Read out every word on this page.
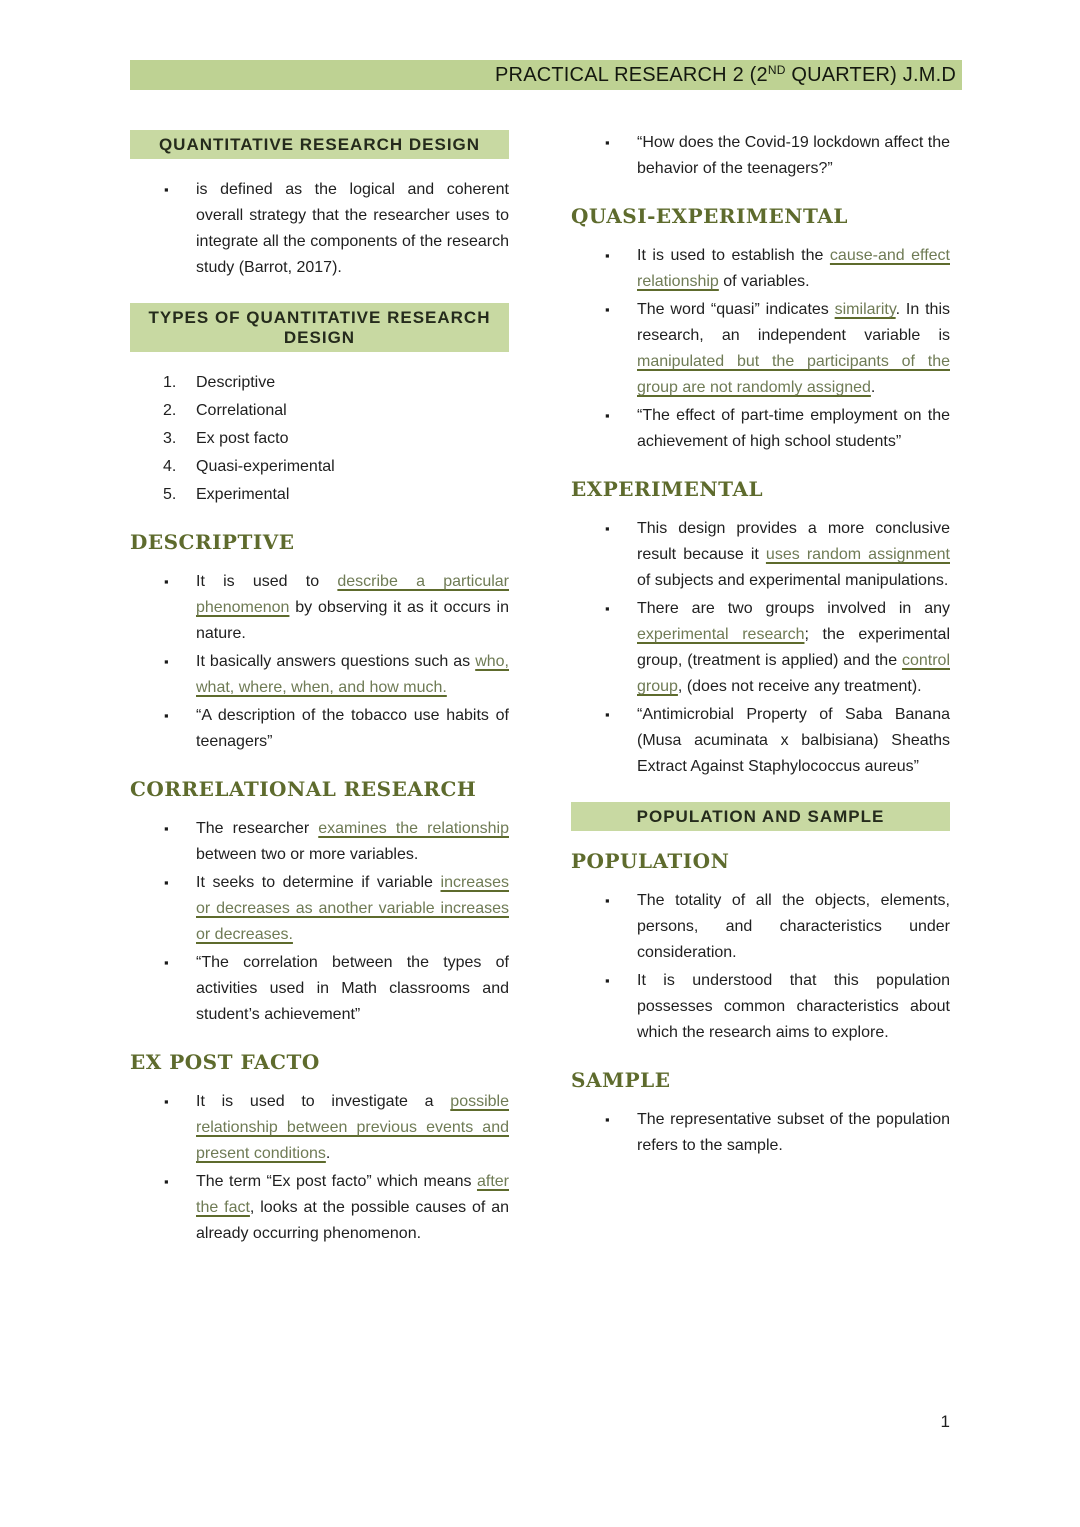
PRACTICAL RESEARCH 2 (2ND QUARTER) J.M.D
QUANTITATIVE RESEARCH DESIGN
▪ is defined as the logical and coherent overall strategy that the researcher uses to integrate all the components of the research study (Barrot, 2017).
TYPES OF QUANTITATIVE RESEARCH DESIGN
Descriptive
Correlational
Ex post facto
Quasi-experimental
Experimental
DESCRIPTIVE
▪ It is used to describe a particular phenomenon by observing it as it occurs in nature.
▪ It basically answers questions such as who, what, where, when, and how much.
▪ “A description of the tobacco use habits of teenagers”
CORRELATIONAL RESEARCH
▪ The researcher examines the relationship between two or more variables.
▪ It seeks to determine if variable increases or decreases as another variable increases or decreases.
▪ “The correlation between the types of activities used in Math classrooms and student’s achievement”
EX POST FACTO
▪ It is used to investigate a possible relationship between previous events and present conditions.
▪ The term “Ex post facto” which means after the fact, looks at the possible causes of an already occurring phenomenon.
▪ “How does the Covid-19 lockdown affect the behavior of the teenagers?”
QUASI-EXPERIMENTAL
▪ It is used to establish the cause-and effect relationship of variables.
▪ The word “quasi” indicates similarity. In this research, an independent variable is manipulated but the participants of the group are not randomly assigned.
▪ “The effect of part-time employment on the achievement of high school students”
EXPERIMENTAL
▪ This design provides a more conclusive result because it uses random assignment of subjects and experimental manipulations.
▪ There are two groups involved in any experimental research; the experimental group, (treatment is applied) and the control group, (does not receive any treatment).
▪ “Antimicrobial Property of Saba Banana (Musa acuminata x balbisiana) Sheaths Extract Against Staphylococcus aureus”
POPULATION AND SAMPLE
POPULATION
▪ The totality of all the objects, elements, persons, and characteristics under consideration.
▪ It is understood that this population possesses common characteristics about which the research aims to explore.
SAMPLE
▪ The representative subset of the population refers to the sample.
1
